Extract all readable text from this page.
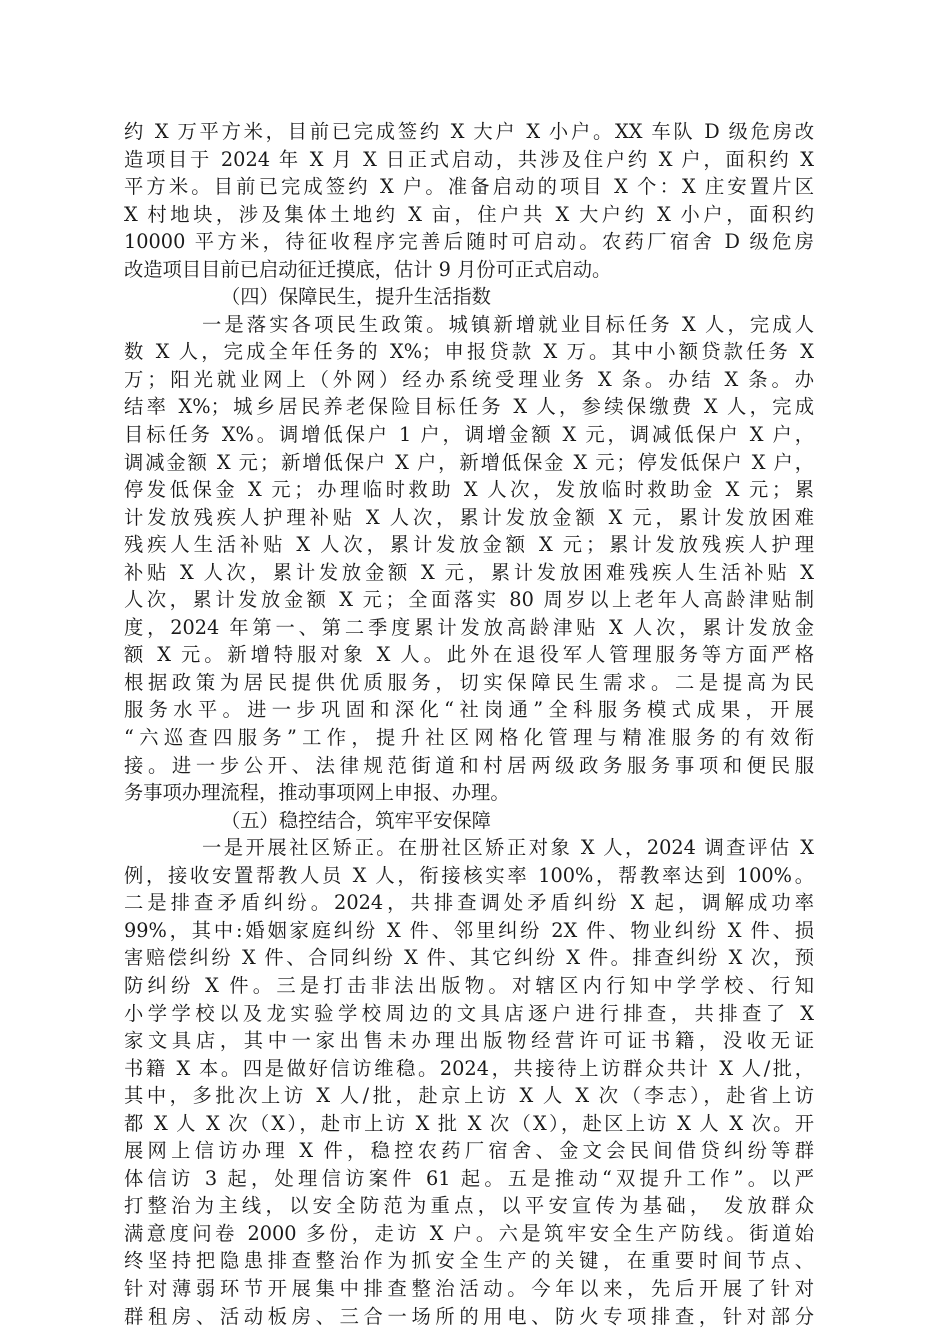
约 X 万平方米，目前已完成签约 X 大户 X 小户。XX 车队 D 级危房改
造项目于 2024 年 X 月 X 日正式启动，共涉及住户约 X 户，面积约 X
平方米。目前已完成签约 X 户。准备启动的项目 X 个：X 庄安置片区
X 村地块，涉及集体土地约 X 亩，住户共 X 大户约 X 小户，面积约
10000 平方米，待征收程序完善后随时可启动。农药厂宿舍 D 级危房
改造项目目前已启动征迁摸底，估计 9 月份可正式启动。
（四）保障民生，提升生活指数
一是落实各项民生政策。城镇新增就业目标任务 X 人，完成人
数 X 人，完成全年任务的 X%；申报贷款 X 万。其中小额贷款任务 X
万；阳光就业网上（外网）经办系统受理业务 X 条。办结 X 条。办
结率 X%；城乡居民养老保险目标任务 X 人，参续保缴费 X 人，完成
目标任务 X%。调增低保户 1 户，调增金额 X 元，调减低保户 X 户，
调减金额 X 元；新增低保户 X 户，新增低保金 X 元；停发低保户 X 户，
停发低保金 X 元；办理临时救助 X 人次，发放临时救助金 X 元；累
计发放残疾人护理补贴 X 人次，累计发放金额 X 元，累计发放困难
残疾人生活补贴 X 人次，累计发放金额 X 元；累计发放残疾人护理
补贴 X 人次，累计发放金额 X 元，累计发放困难残疾人生活补贴 X
人次，累计发放金额 X 元；全面落实 80 周岁以上老年人高龄津贴制
度，2024 年第一、第二季度累计发放高龄津贴 X 人次，累计发放金
额 X 元。新增特服对象 X 人。此外在退役军人管理服务等方面严格
根据政策为居民提供优质服务，切实保障民生需求。二是提高为民
服务水平。进一步巩固和深化“社岗通”全科服务模式成果，开展
“六巡查四服务”工作，提升社区网格化管理与精准服务的有效衔
接。进一步公开、法律规范街道和村居两级政务服务事项和便民服
务事项办理流程，推动事项网上申报、办理。
（五）稳控结合，筑牢平安保障
一是开展社区矫正。在册社区矫正对象 X 人，2024 调查评估 X
例，接收安置帮教人员 X 人，衔接核实率 100%，帮教率达到 100%。
二是排查矛盾纠纷。2024，共排查调处矛盾纠纷 X 起，调解成功率
99%，其中:婚姻家庭纠纷 X 件、邻里纠纷 2X 件、物业纠纷 X 件、损
害赔偿纠纷 X 件、合同纠纷 X 件、其它纠纷 X 件。排查纠纷 X 次，预
防纠纷 X 件。三是打击非法出版物。对辖区内行知中学学校、行知
小学学校以及龙实验学校周边的文具店逐户进行排查，共排查了 X
家文具店，其中一家出售未办理出版物经营许可证书籍，没收无证
书籍 X 本。四是做好信访维稳。2024，共接待上访群众共计 X 人/批，
其中，多批次上访 X 人/批，赴京上访 X 人 X 次（李志），赴省上访
都 X 人 X 次（X），赴市上访 X 批 X 次（X），赴区上访 X 人 X 次。开
展网上信访办理 X 件，稳控农药厂宿舍、金文会民间借贷纠纷等群
体信访 3 起，处理信访案件 61 起。五是推动“双提升工作”。以严
打整治为主线，以安全防范为重点，以平安宣传为基础， 发放群众
满意度问卷 2000 多份，走访 X 户。六是筑牢安全生产防线。街道始
终坚持把隐患排查整治作为抓安全生产的关键，在重要时间节点、
针对薄弱环节开展集中排查整治活动。今年以来，先后开展了针对
群租房、活动板房、三合一场所的用电、防火专项排查，针对部分
